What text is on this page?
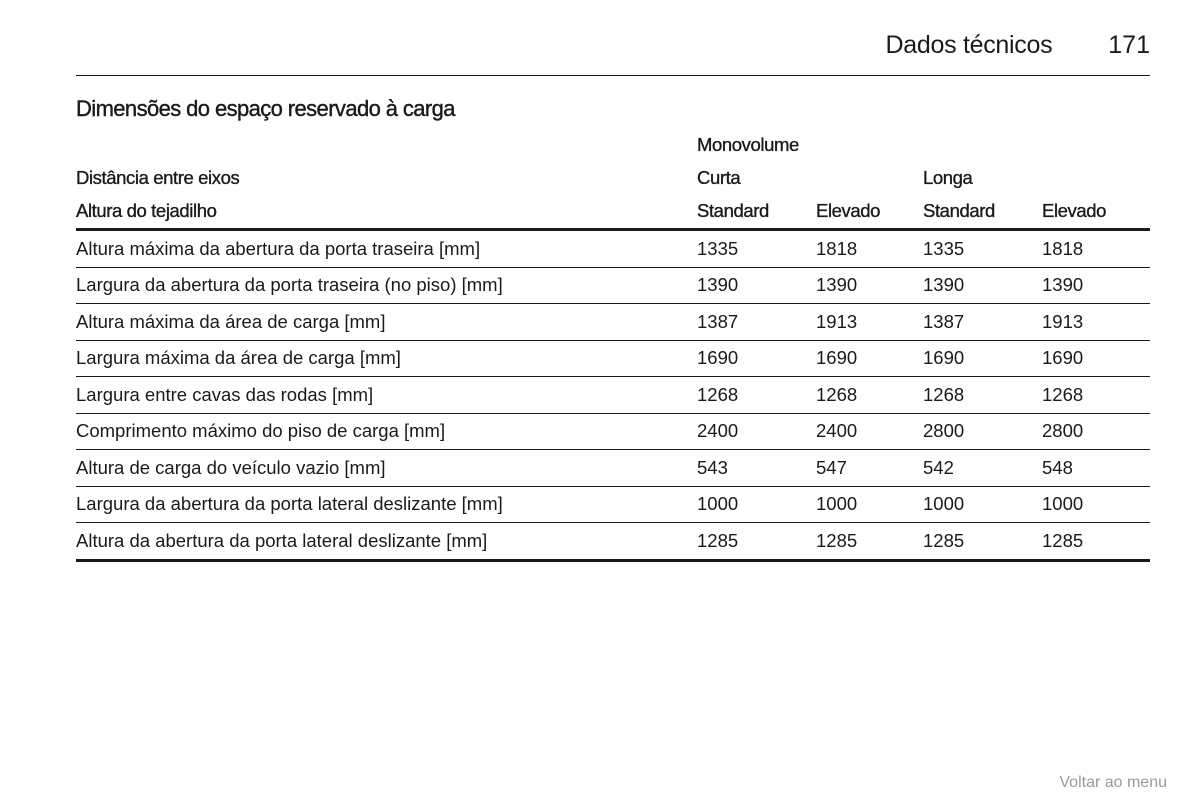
Dados técnicos 171
Dimensões do espaço reservado à carga
	Monovolume			
Distância entre eixos	Curta		Longa	
Altura do tejadilho	Standard	Elevado	Standard	Elevado
Altura máxima da abertura da porta traseira [mm]	1335	1818	1335	1818
Largura da abertura da porta traseira (no piso) [mm]	1390	1390	1390	1390
Altura máxima da área de carga [mm]	1387	1913	1387	1913
Largura máxima da área de carga [mm]	1690	1690	1690	1690
Largura entre cavas das rodas [mm]	1268	1268	1268	1268
Comprimento máximo do piso de carga [mm]	2400	2400	2800	2800
Altura de carga do veículo vazio [mm]	543	547	542	548
Largura da abertura da porta lateral deslizante [mm]	1000	1000	1000	1000
Altura da abertura da porta lateral deslizante [mm]	1285	1285	1285	1285
Voltar ao menu
